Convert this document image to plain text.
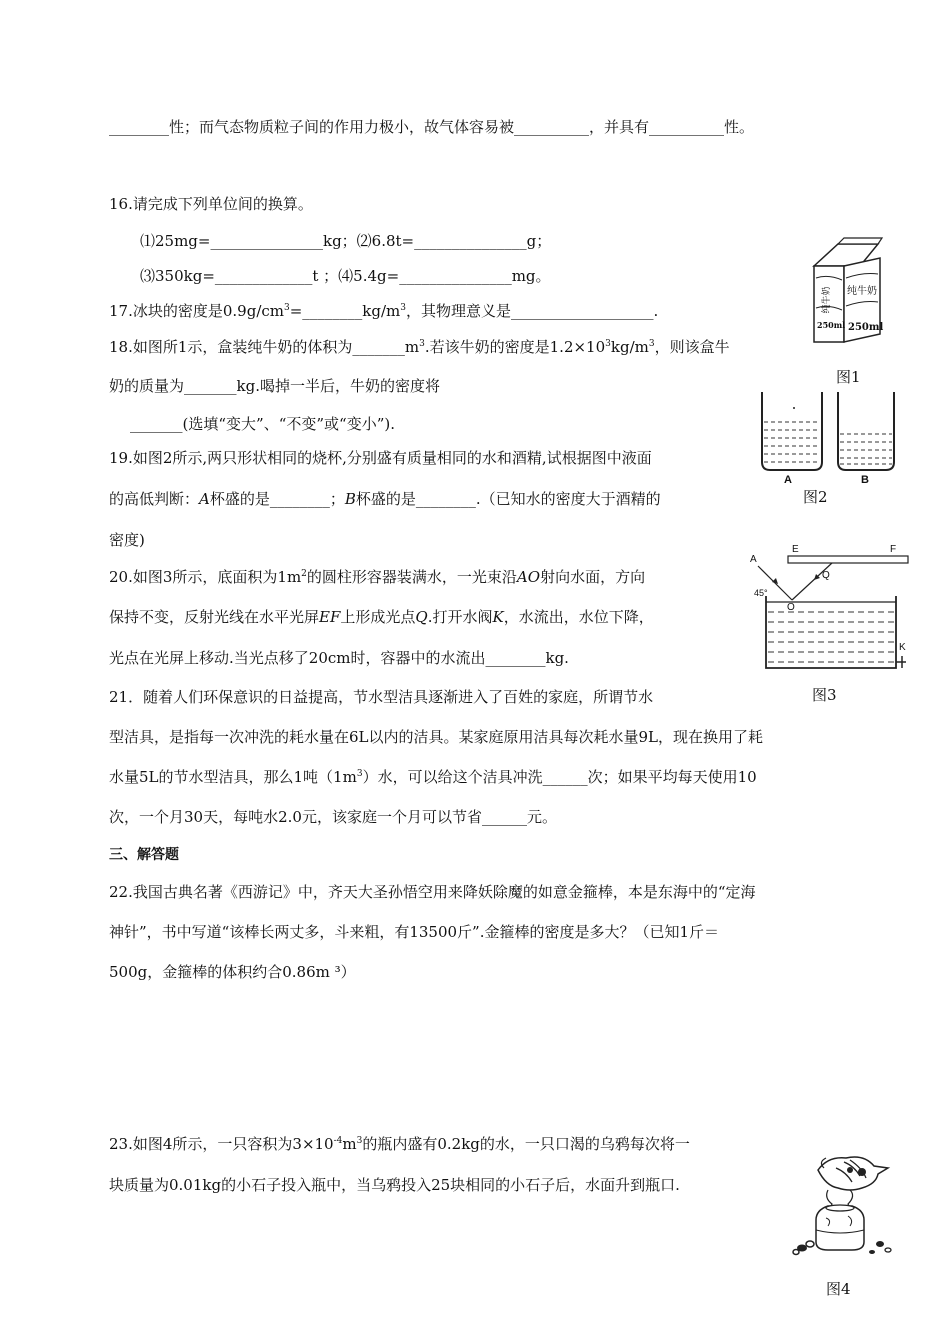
________性；而气态物质粒子间的作用力极小，故气体容易被__________，并具有__________性。
16.请完成下列单位间的换算。
⑴25mg=_______________kg；⑵6.8t=_______________g；
⑶350kg=_____________t ；⑷5.4g=_______________mg。
17.冰块的密度是$0.9g/cm^3=\_\_\_\_\_\_\_\_kg/m^3$，其物理意义是___________________.
18.如图所1示，盒装纯牛奶的体积为$\_\_\_\_\_\_\_m^3$.若该牛奶的密度是$1.2\times 10^3kg/m^3$，则该盒牛
奶的质量为_______kg.喝掉一半后，牛奶的密度将
_______(选填“变大”、“不变”或“变小”).
19.如图2所示,两只形状相同的烧杯,分别盛有质量相同的水和酒精,试根据图中液面
的高低判断：A杯盛的是________；B杯盛的是________.（已知水的密度大于酒精的
密度)
20.如图3所示，底面积为$1m^2$的圆柱形容器装满水，一光束沿AO射向水面，方向
保持不变，反射光线在水平光屏EF上形成光点Q.打开水阀K，水流出，水位下降，
光点在光屏上移动.当光点移了20cm时，容器中的水流出________kg.
21．随着人们环保意识的日益提高，节水型洁具逐渐进入了百姓的家庭，所谓节水
型洁具，是指每一次冲洗的耗水量在6L以内的洁具。某家庭原用洁具每次耗水量9L，现在换用了耗
水量5L的节水型洁具，那么1吨$(1m^3)$水，可以给这个洁具冲洗______次；如果平均每天使用10
次，一个月30天，每吨水2.0元，该家庭一个月可以节省______元。
三、解答题
22.我国古典名著《西游记》中，齐天大圣孙悟空用来降妖除魔的如意金箍棒，本是东海中的“定海
神针”，书中写道“该棒长两丈多，斗来粗，有13500斤”.金箍棒的密度是多大？（已知1斤＝
500g，金箍棒的体积约合0.86m ³）
23.如图4所示，一只容积为$3\times 10^{-4}m^3$的瓶内盛有0.2kg的水，一只口渴的乌鸦每次将一
块质量为0.01kg的小石子投入瓶中，当乌鸦投入25块相同的小石子后，水面升到瓶口.
纯牛奶 纯牛奶
250ml 250ml
图1
A	B
图2
E	F
A
Q
45°
O
K
图3
图4
